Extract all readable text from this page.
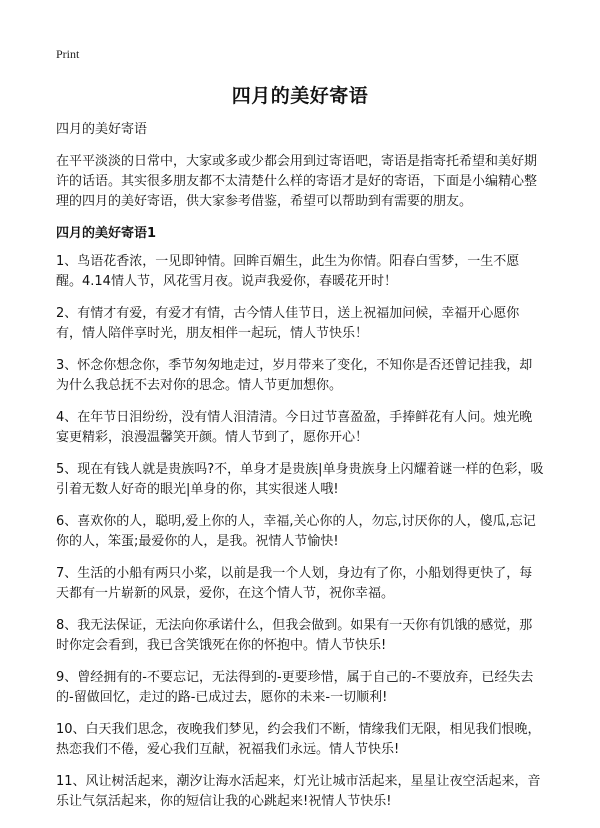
Print
四月的美好寄语

四月的美好寄语

在平平淡淡的日常中，大家或多或少都会用到过寄语吧，寄语是指寄托希望和美好期许的话语。其实很多朋友都不太清楚什么样的寄语才是好的寄语，下面是小编精心整理的四月的美好寄语，供大家参考借鉴，希望可以帮助到有需要的朋友。

四月的美好寄语1
1、鸟语花香浓，一见即钟情。回眸百媚生，此生为你情。阳春白雪梦，一生不愿醒。4.14情人节，风花雪月夜。说声我爱你，春暖花开时！
2、有情才有爱，有爱才有情，古今情人佳节日，送上祝福加问候，幸福开心愿你有，情人陪伴享时光，朋友相伴一起玩，情人节快乐！
3、怀念你想念你，季节匆匆地走过，岁月带来了变化，不知你是否还曾记挂我，却为什么我总抚不去对你的思念。情人节更加想你。
4、在年节日泪纷纷，没有情人泪清清。今日过节喜盈盈，手捧鲜花有人问。烛光晚宴更精彩，浪漫温馨笑开颜。情人节到了，愿你开心！
5、现在有钱人就是贵族吗?不，单身才是贵族|单身贵族身上闪耀着谜一样的色彩，吸引着无数人好奇的眼光|单身的你，其实很迷人哦!
6、喜欢你的人，聪明,爱上你的人，幸福,关心你的人，勿忘,讨厌你的人，傻瓜,忘记你的人，笨蛋;最爱你的人，是我。祝情人节愉快!
7、生活的小船有两只小桨，以前是我一个人划，身边有了你，小船划得更快了，每天都有一片崭新的风景，爱你，在这个情人节，祝你幸福。
8、我无法保证，无法向你承诺什么，但我会做到。如果有一天你有饥饿的感觉，那时你定会看到，我已含笑饿死在你的怀抱中。情人节快乐!
9、曾经拥有的-不要忘记，无法得到的-更要珍惜，属于自己的-不要放弃，已经失去的-留做回忆，走过的路-已成过去，愿你的未来-一切顺利!
10、白天我们思念，夜晚我们梦见，约会我们不断，情缘我们无限，相见我们恨晚，热恋我们不倦，爱心我们互献，祝福我们永远。情人节快乐!
11、风让树活起来，潮汐让海水活起来，灯光让城市活起来，星星让夜空活起来，音乐让气氛活起来，你的短信让我的心跳起来!祝情人节快乐!
